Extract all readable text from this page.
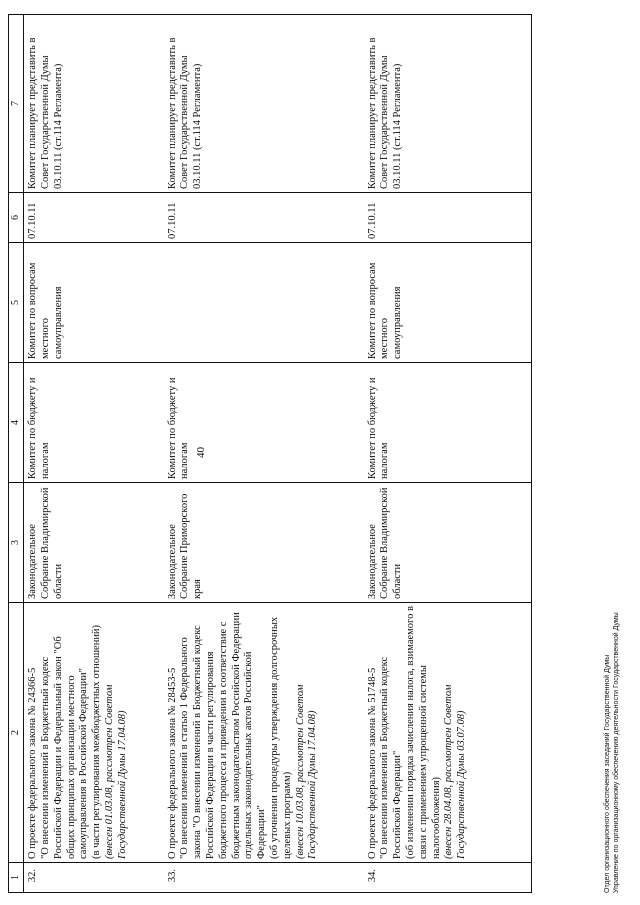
40
1	2	3	4	5	6	7
32.	О проекте федерального закона № 24366-5 "О внесении изменений в Бюджетный кодекс Российской Федерации и Федеральный закон "Об общих принципах организации местного самоуправления в Российской Федерации" (в части регулирования межбюджетных отношений) (внесен 01.03.08, рассмотрен Советом Государственной Думы 17.04.08)	Законодательное Собрание Владимирской области	Комитет по бюджету и налогам	Комитет по вопросам местного самоуправления	07.10.11	Комитет планирует представить в Совет Государственной Думы 03.10.11 (ст.114 Регламента)
33.	О проекте федерального закона № 28453-5 "О внесении изменений в статью 1 Федерального закона "О внесении изменений в Бюджетный кодекс Российской Федерации в части регулирования бюджетного процесса и приведении в соответствие с бюджетным законодательством Российской Федерации отдельных законодательных актов Российской Федерации" (об уточнении процедуры утверждения долгосрочных целевых программ) (внесен 10.03.08, рассмотрен Советом Государственной Думы 17.04.08)	Законодательное Собрание Приморского края	Комитет по бюджету и налогам		07.10.11	Комитет планирует представить в Совет Государственной Думы 03.10.11 (ст.114 Регламента)
34.	О проекте федерального закона № 51748-5 "О внесении изменений в Бюджетный кодекс Российской Федерации" (об изменении порядка зачисления налога, взимаемого в связи с применением упрощенной системы налогообложения) (внесен 28.04.08, рассмотрен Советом Государственной Думы 03.07.08)	Законодательное Собрание Владимирской области	Комитет по бюджету и налогам	Комитет по вопросам местного самоуправления	07.10.11	Комитет планирует представить в Совет Государственной Думы 03.10.11 (ст.114 Регламента)
Отдел организационного обеспечения заседаний Государственной Думы Управление по организационному обеспечению деятельности Государственной Думы
